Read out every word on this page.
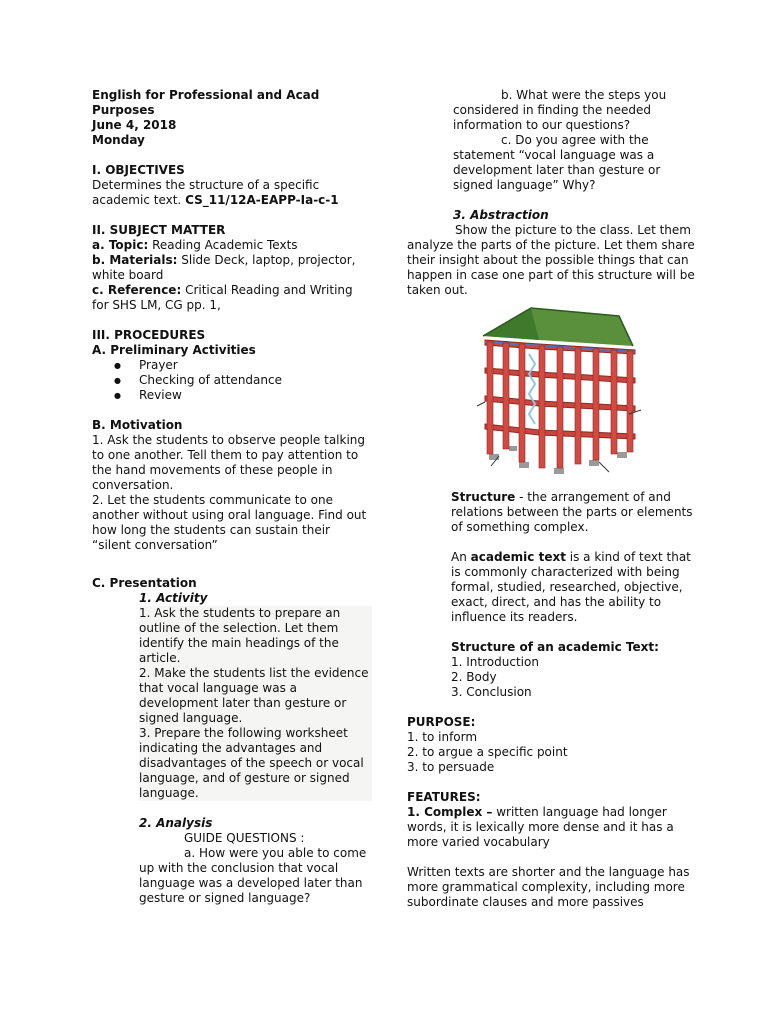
English for Professional and Acad Purposes

June 4, 2018

Monday

I. OBJECTIVES

Determines the structure of a specific academic text. CS_11/12A-EAPP-Ia-c-1

II. SUBJECT MATTER

a. Topic: Reading Academic Texts

b. Materials: Slide Deck, laptop, projector, white board

c. Reference: Critical Reading and Writing for SHS LM, CG pp. 1,

III. PROCEDURES

A. Preliminary Activities

● Prayer
● Checking of attendance
● Review

B. Motivation

1. Ask the students to observe people talking to one another. Tell them to pay attention to the hand movements of these people in conversation.

2. Let the students communicate to one another without using oral language. Find out how long the students can sustain their “silent conversation”

C. Presentation

1. Activity

1. Ask the students to prepare an outline of the selection. Let them identify the main headings of the article.

2. Make the students list the evidence that vocal language was a development later than gesture or signed language.

3. Prepare the following worksheet indicating the advantages and disadvantages of the speech or vocal language, and of gesture or signed language.

2. Analysis

GUIDE QUESTIONS :

a. How were you able to come up with the conclusion that vocal language was a developed later than gesture or signed language?

b. What were the steps you considered in finding the needed information to our questions?

c. Do you agree with the statement “vocal language was a development later than gesture or signed language” Why?

3. Abstraction

Show the picture to the class. Let them analyze the parts of the picture. Let them share their insight about the possible things that can happen in case one part of this structure will be taken out.

Structure - the arrangement of and relations between the parts or elements of something complex.

An academic text is a kind of text that is commonly characterized with being formal, studied, researched, objective, exact, direct, and has the ability to influence its readers.

Structure of an academic Text:

1. Introduction

2. Body

3. Conclusion

PURPOSE:

1. to inform

2. to argue a specific point

3. to persuade

FEATURES:

1. Complex – written language had longer words, it is lexically more dense and it has a more varied vocabulary

Written texts are shorter and the language has more grammatical complexity, including more subordinate clauses and more passives
